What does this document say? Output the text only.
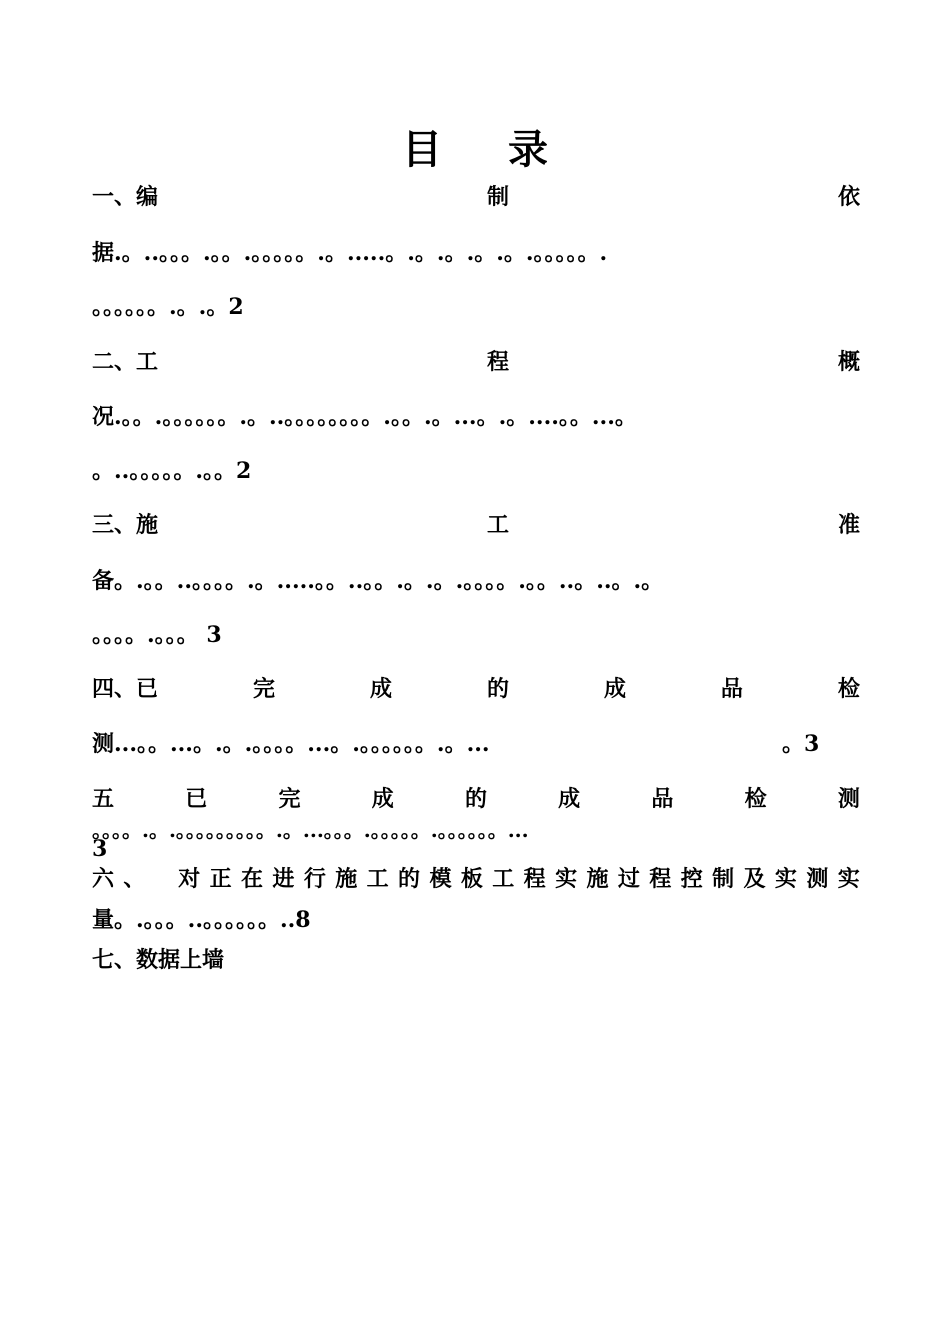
目 录
一、编	制	依
据.。..。。。.。。.。。。。。.。.....。.。.。.。.。.。。。。。.
。。。。。。.。.。2
二、工	程	概
况.。。.。。。。。。.。..。。。。。。。。.。。.。...。.。....。。...。
。..。。。。。.。。2
三、施	工	准
备。.。。..。。。。.。.....。。..。。.。.。.。。。。.。。..。..。.。
。。。。.。。。 3
四、已	完	成	的	成	品	检
测...。。...。.。.。。。。...。.。。。。。。.。...	。3
五	已	完	成	的	成	品	检	测
。。。。.。.。。。。。。。。。.。...。。。.。。。。。.。。。。。。...
3
六 、 对 正 在 进 行 施 工 的 模 板 工 程 实 施 过 程 控 制 及 实 测 实
量。.。。。..。。。。。。..8
七、数据上墙
